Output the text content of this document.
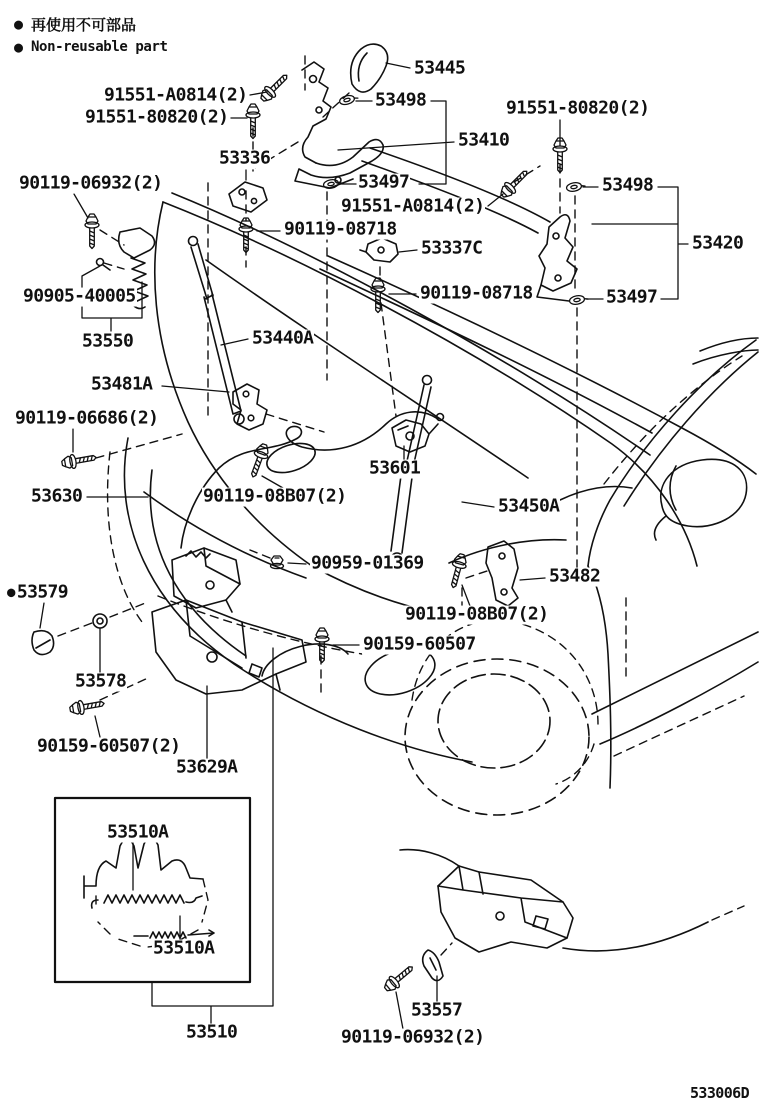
● 再使用不可部品
● Non-reusable part
53445
91551-A0814(2)
91551-80820(2)
53498
53410
53336
53497
91551-80820(2)
90119-06932(2)
91551-A0814(2)
53498
90119-08718
53337C	53420
90905-40005	90119-08718	53497
53550	53440A
53481A
90119-06686(2)
53601
53630	90119-08B07(2)	53450A
90959-01369
53482
● 53579
90119-08B07(2)
90159-60507
53578
90159-60507(2)
53629A
53510A
53510A
53510
53557
90119-06932(2)
533006D
